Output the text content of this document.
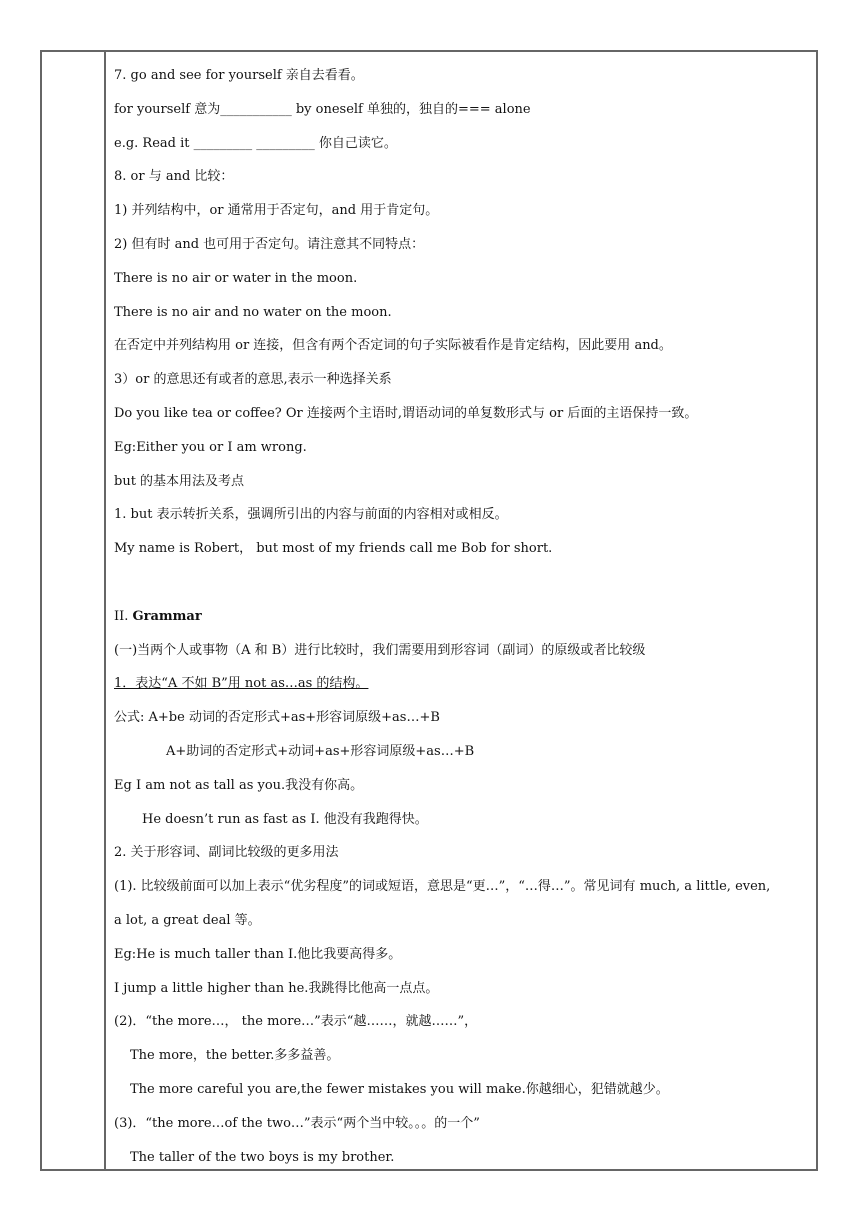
7. go and see for yourself 亲自去看看。
for yourself 意为___________ by oneself 单独的，独自的=== alone
e.g. Read it _________ _________ 你自己读它。
8. or 与 and 比较：
1) 并列结构中，or 通常用于否定句，and 用于肯定句。
2) 但有时 and 也可用于否定句。请注意其不同特点：
There is no air or water in the moon.
There is no air and no water on the moon.
在否定中并列结构用 or 连接，但含有两个否定词的句子实际被看作是肯定结构，因此要用 and。
3）or 的意思还有或者的意思,表示一种选择关系
Do you like tea or coffee? Or 连接两个主语时,谓语动词的单复数形式与 or 后面的主语保持一致。
Eg:Either you or I am wrong.
but 的基本用法及考点
1. but 表示转折关系，强调所引出的内容与前面的内容相对或相反。
My name is Robert， but most of my friends call me Bob for short.
II. Grammar
(一)当两个人或事物（A 和 B）进行比较时，我们需要用到形容词（副词）的原级或者比较级
1．表达“A 不如 B”用 not as…as 的结构。
公式: A+be 动词的否定形式+as+形容词原级+as…+B
A+助词的否定形式+动词+as+形容词原级+as…+B
Eg I am not as tall as you.我没有你高。
He doesn’t run as fast as I. 他没有我跑得快。
2. 关于形容词、副词比较级的更多用法
(1). 比较级前面可以加上表示“优劣程度”的词或短语，意思是“更…”，“…得…”。常见词有 much, a little, even,
a lot, a great deal 等。
Eg:He is much taller than I.他比我要高得多。
I jump a little higher than he.我跳得比他高一点点。
(2)．“the more…， the more…”表示“越……，就越……”，
The more，the better.多多益善。
The more careful you are,the fewer mistakes you will make.你越细心，犯错就越少。
(3)．“the more…of the two…”表示“两个当中较。。。的一个”
The taller of the two boys is my brother.
